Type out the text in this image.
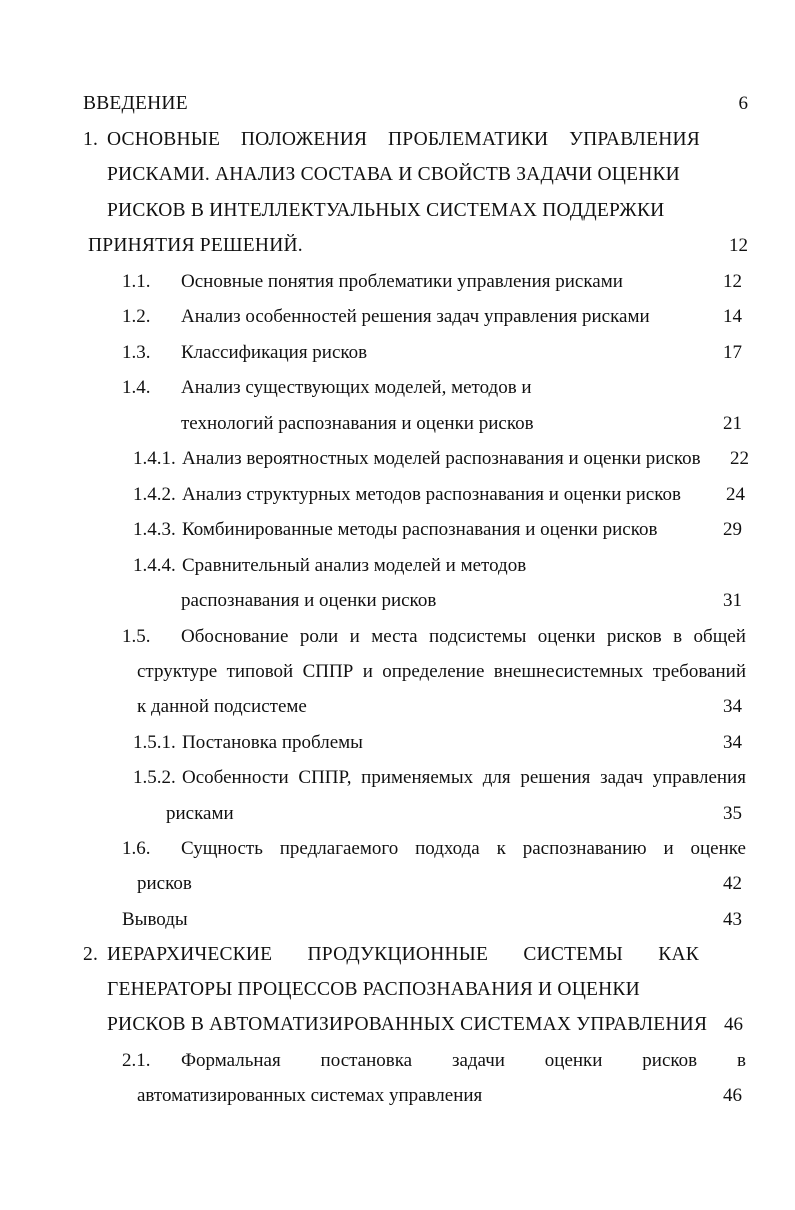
ВВЕДЕНИЕ	6
1. ОСНОВНЫЕ ПОЛОЖЕНИЯ ПРОБЛЕМАТИКИ УПРАВЛЕНИЯ
РИСКАМИ. АНАЛИЗ СОСТАВА И СВОЙСТВ ЗАДАЧИ ОЦЕНКИ
РИСКОВ В ИНТЕЛЛЕКТУАЛЬНЫХ СИСТЕМАХ ПОДДЕРЖКИ
ПРИНЯТИЯ РЕШЕНИЙ.	12
1.1. Основные понятия проблематики управления рисками	12
1.2. Анализ особенностей решения задач управления рисками	14
1.3. Классификация рисков	17
1.4. Анализ существующих моделей, методов и
технологий распознавания и оценки рисков	21
1.4.1. Анализ вероятностных моделей распознавания и оценки рисков	22
1.4.2. Анализ структурных методов распознавания и оценки рисков	24
1.4.3. Комбинированные методы распознавания и оценки рисков	29
1.4.4. Сравнительный анализ моделей и методов
распознавания и оценки рисков	31
1.5. Обоснование роли и места подсистемы оценки рисков в общей
структуре типовой СППР и определение внешнесистемных требований
к данной подсистеме	34
1.5.1. Постановка проблемы	34
1.5.2. Особенности СППР, применяемых для решения задач управления
рисками	35
1.6. Сущность предлагаемого подхода к распознаванию и оценке
рисков	42
Выводы	43
2. ИЕРАРХИЧЕСКИЕ ПРОДУКЦИОННЫЕ СИСТЕМЫ КАК
ГЕНЕРАТОРЫ ПРОЦЕССОВ РАСПОЗНАВАНИЯ И ОЦЕНКИ
РИСКОВ В АВТОМАТИЗИРОВАННЫХ СИСТЕМАХ УПРАВЛЕНИЯ 46
2.1. Формальная постановка задачи оценки рисков в
автоматизированных системах управления	46
